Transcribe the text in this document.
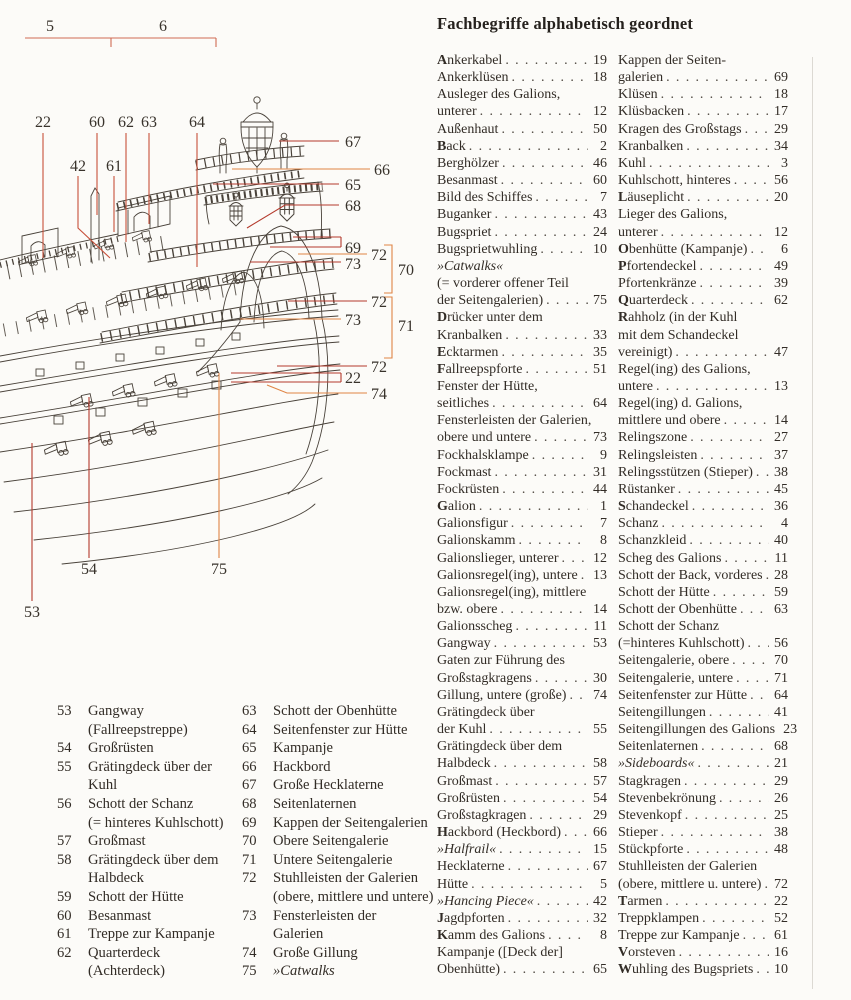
5	6
22 60 62 63 64
42 61
67
66
65
68
69 72
73 70
72
73 71
72
22
74
54	75
53
Fachbegriffe alphabetisch geordnet
Ankerkabel . . .	19
Ankerklüsen . . .	18
Ausleger des Galions,
unterer . . .	12
Außenhaut . . .	50
Back . . .	2
Berghölzer . . .	46
Besanmast . . .	60
Bild des Schiffes . . .	7
Buganker . . .	43
Bugspriet . . .	24
Bugsprietwuhling . . .	10
»Catwalks«
(= vorderer offener Teil
der Seitengalerien) . . .	75
Drücker unter dem
Kranbalken . . .	33
Ecktarmen . . .	35
Fallreepspforte . . .	51
Fenster der Hütte,
seitliches . . .	64
Fensterleisten der Galerien,
obere und untere . . .	73
Fockhalsklampe . . .	9
Fockmast . . .	31
Fockrüsten . . .	44
Galion . . .	1
Galionsfigur . . .	7
Galionskamm . . .	8
Galionslieger, unterer . . . 12
Galionsregel(ing), untere . . . 13
Galionsregel(ing), mittlere
bzw. obere . . .	14
Galionsscheg . . .	11
Gangway . . .	53
Gaten zur Führung des
Großstagkragens . . .	30
Gillung, untere (große) . . . 74
Grätingdeck über
der Kuhl . . .	55
Grätingdeck über dem
Halbdeck . . .	58
Großmast . . .	57
Großrüsten . . .	54
Großstagkragen . . .	29
Hackbord (Heckbord) . . . 66
»Halfrail« . . .	15
Hecklaterne . . .	67
Hütte . . .	5
»Hancing Piece« . . .	42
Jagdpforten . . .	32
Kamm des Galions . . .	8
Kampanje ([Deck der]
Obenhütte) . . .	65
Kappen der Seiten-
galerien . . .	69
Klüsen . . .	18
Klüsbacken . . .	17
Kragen des Großstags . . . 29
Kranbalken . . .	34
Kuhl . . .	3
Kuhlschott, hinteres . . .	56
Läuseplicht . . .	20
Lieger des Galions,
unterer . . .	12
Obenhütte (Kampanje) . . .	6
Pfortendeckel . . .	49
Pfortenkränze . . .	39
Quarterdeck . . .	62
Rahholz (in der Kuhl
mit dem Schandeckel
vereinigt) . . .	47
Regel(ing) des Galions,
untere . . .	13
Regel(ing) d. Galions,
mittlere und obere . . .	14
Relingszone . . .	27
Relingsleisten . . .	37
Relingsstützen (Stieper) . . . 38
Rüstanker . . .	45
Schandeckel . . .	36
Schanz . . .	4
Schanzkleid . . .	40
Scheg des Galions . . .	11
Schott der Back, vorderes . . . 28
Schott der Hütte . . .	59
Schott der Obenhütte . . .	63
Schott der Schanz
(=hinteres Kuhlschott) . . . 56
Seitengalerie, obere . . .	70
Seitengalerie, untere . . .	71
Seitenfenster zur Hütte . . . 64
Seitengillungen . . .	41
Seitengillungen des Galions 23
Seitenlaternen . . .	68
»Sideboards« . . .	21
Stagkragen . . .	29
Stevenbekrönung . . .	26
Stevenkopf . . .	25
Stieper . . .	38
Stückpforte . . .	48
Stuhlleisten der Galerien
(obere, mittlere u. untere) . . . 72
Tarmen . . .	22
Treppklampen . . .	52
Treppe zur Kampanje . . . 61
Vorsteven . . .	16
Wuhling des Bugspriets . . . 10
53	Gangway
(Fallreepstreppe)
54	Großrüsten
55	Grätingdeck über der
Kuhl
56	Schott der Schanz
(= hinteres Kuhlschott)
57	Großmast
58	Grätingdeck über dem
Halbdeck
59	Schott der Hütte
60	Besanmast
61	Treppe zur Kampanje
62	Quarterdeck
(Achterdeck)
63	Schott der Obenhütte
64	Seitenfenster zur Hütte
65	Kampanje
66	Hackbord
67	Große Hecklaterne
68	Seitenlaternen
69	Kappen der Seitengalerien
70	Obere Seitengalerie
71	Untere Seitengalerie
72	Stuhlleisten der Galerien
(obere, mittlere und untere)
73	Fensterleisten der
Galerien
74	Große Gillung
75	»Catwalks
